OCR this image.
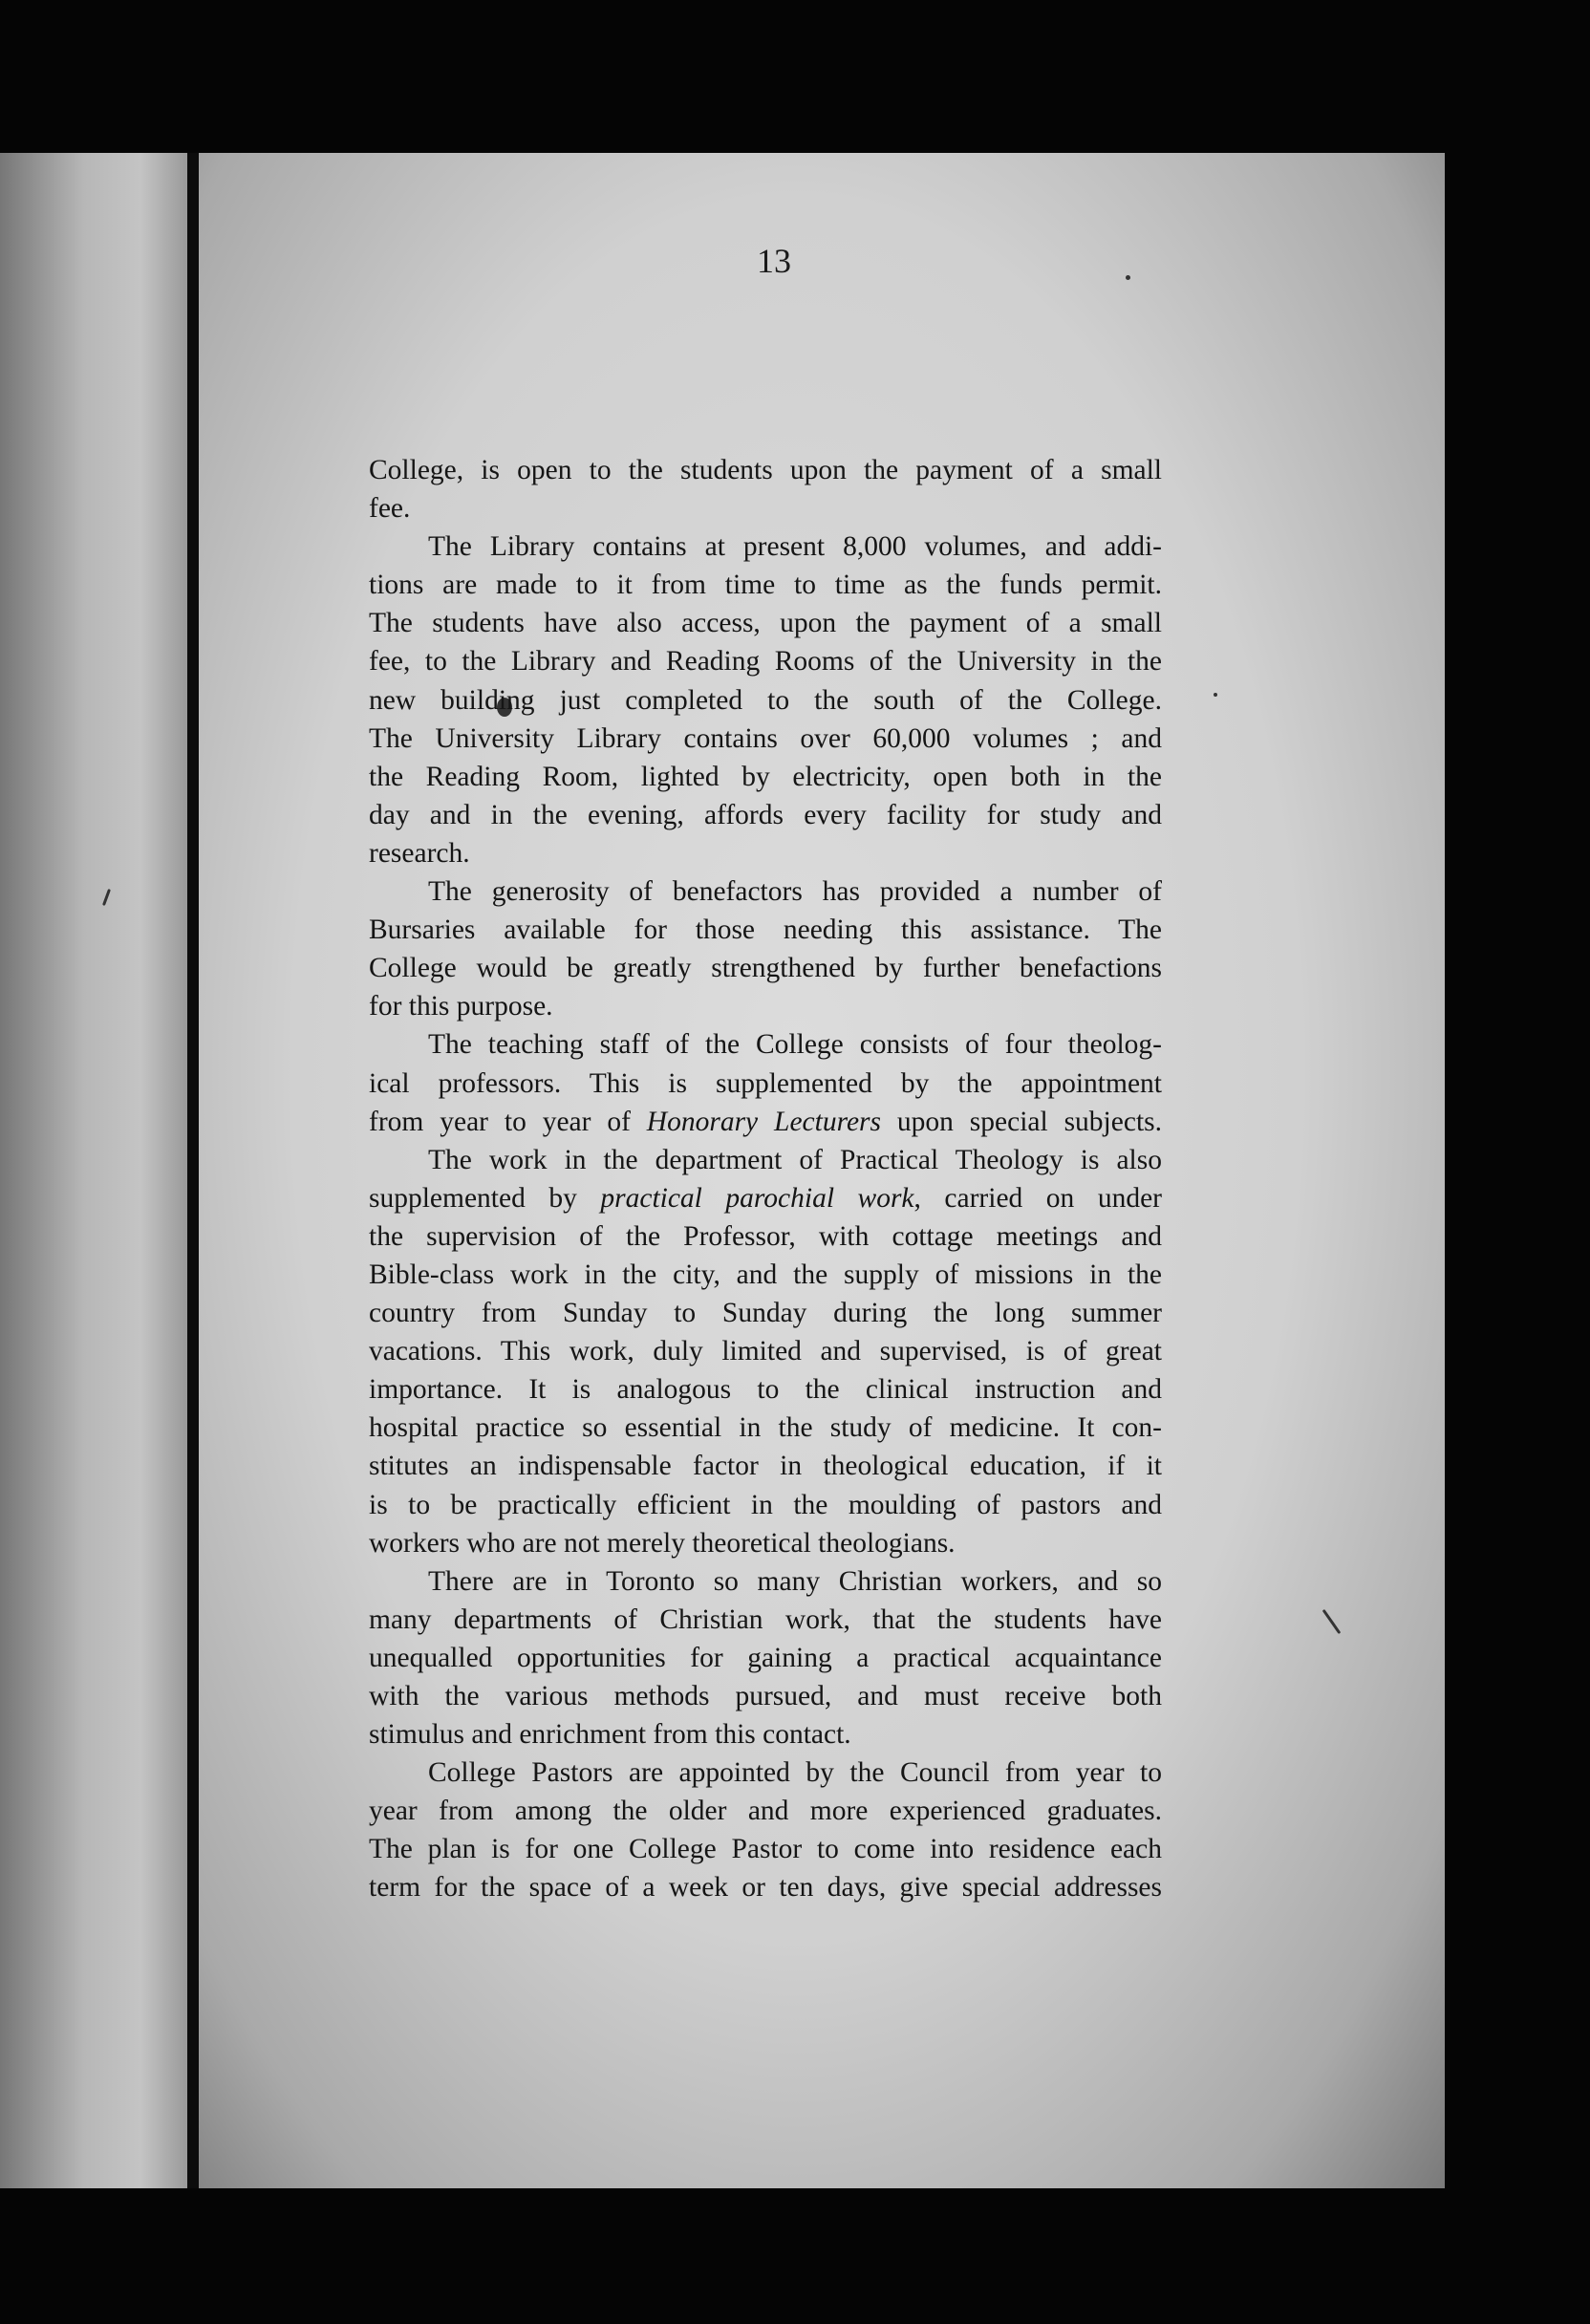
13
College, is open to the students upon the payment of a small
fee.
The Library contains at present 8,000 volumes, and addi-
tions are made to it from time to time as the funds permit.
The students have also access, upon the payment of a small
fee, to the Library and Reading Rooms of the University in the
new building just completed to the south of the College.
The University Library contains over 60,000 volumes ; and
the Reading Room, lighted by electricity, open both in the
day and in the evening, affords every facility for study and
research.
The generosity of benefactors has provided a number of
Bursaries available for those needing this assistance. The
College would be greatly strengthened by further benefactions
for this purpose.
The teaching staff of the College consists of four theolog-
ical professors. This is supplemented by the appointment
from year to year of Honorary Lecturers upon special subjects.
The work in the department of Practical Theology is also
supplemented by practical parochial work, carried on under
the supervision of the Professor, with cottage meetings and
Bible-class work in the city, and the supply of missions in the
country from Sunday to Sunday during the long summer
vacations. This work, duly limited and supervised, is of great
importance. It is analogous to the clinical instruction and
hospital practice so essential in the study of medicine. It con-
stitutes an indispensable factor in theological education, if it
is to be practically efficient in the moulding of pastors and
workers who are not merely theoretical theologians.
There are in Toronto so many Christian workers, and so
many departments of Christian work, that the students have
unequalled opportunities for gaining a practical acquaintance
with the various methods pursued, and must receive both
stimulus and enrichment from this contact.
College Pastors are appointed by the Council from year to
year from among the older and more experienced graduates.
The plan is for one College Pastor to come into residence each
term for the space of a week or ten days, give special addresses
